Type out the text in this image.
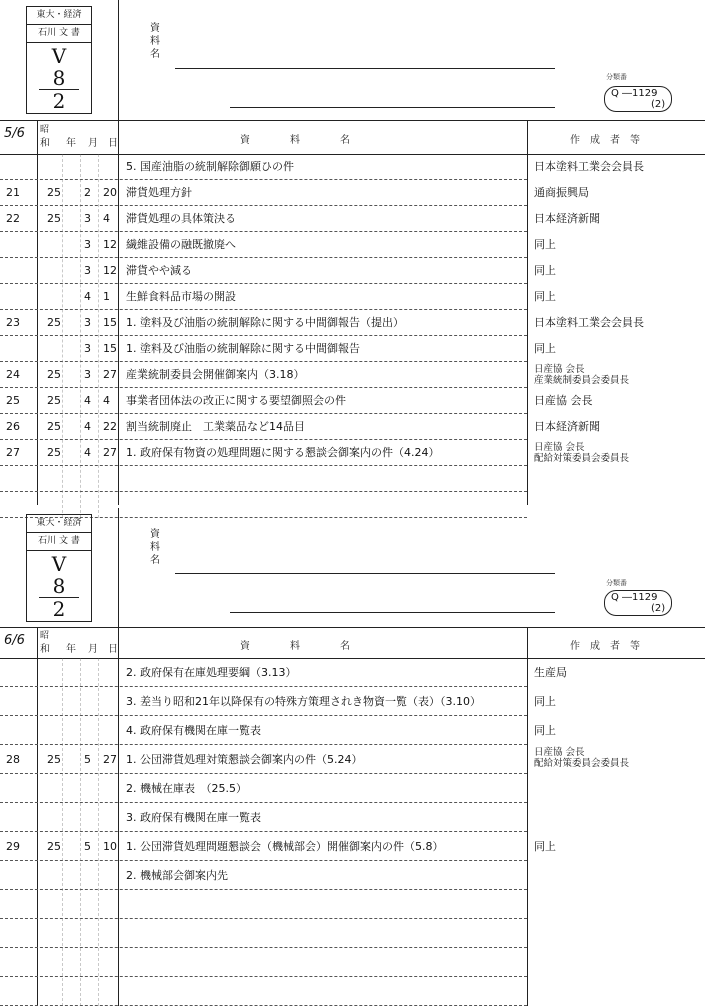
東大・経済
石川 文 書
V
8
2
資
料
名
分類番
Q ―1129
(2)
5/6 昭
和 年 月 日	資　　　　料　　　　名	作　成　者　等
5. 国産油脂の統制解除御願ひの件	日本塗料工業会会員長
21 25 2 20 滞貨処理方針	通商振興局
22 25 3 4 滞貨処理の具体策決る	日本経済新聞
3 12 繊維設備の融既撤廃へ	同上
3 12 滞貨やや減る	同上
4 1 生鮮食料品市場の開設	同上
23 25 3 15 1. 塗料及び油脂の統制解除に関する中間御報告（提出）	日本塗料工業会会員長
3 15 1. 塗料及び油脂の統制解除に関する中間御報告	同上
24 25 3 27 産業統制委員会開催御案内（3.18）	日産協 会長
産業統制委員会委員長
25 25 4 4 事業者団体法の改正に関する要望御照会の件	日産協 会長
26 25 4 22 割当統制廃止　工業薬品など14品目	日本経済新聞
27 25 4 27 1. 政府保有物資の処理問題に関する懇談会御案内の件（4.24）	日産協 会長
配給対策委員会委員長
東大・経済
石川 文 書
V
8
2
資
料
名
分類番
Q ―1129
(2)
6/6 昭
和 年 月 日	資　　　　料　　　　名	作　成　者　等
2. 政府保有在庫処理要綱（3.13）	生産局
3. 差当り昭和21年以降保有の特殊方策理されき物資一覧（表）（3.10）	同上
4. 政府保有機関在庫一覧表	同上
28 25 5 27 1. 公団滞貨処理対策懇談会御案内の件（5.24）	日産協 会長
配給対策委員会委員長
2. 機械在庫表　（25.5）
3. 政府保有機関在庫一覧表
29 25 5 10 1. 公団滞貨処理問題懇談会（機械部会）開催御案内の件（5.8）	同上
2. 機械部会御案内先
